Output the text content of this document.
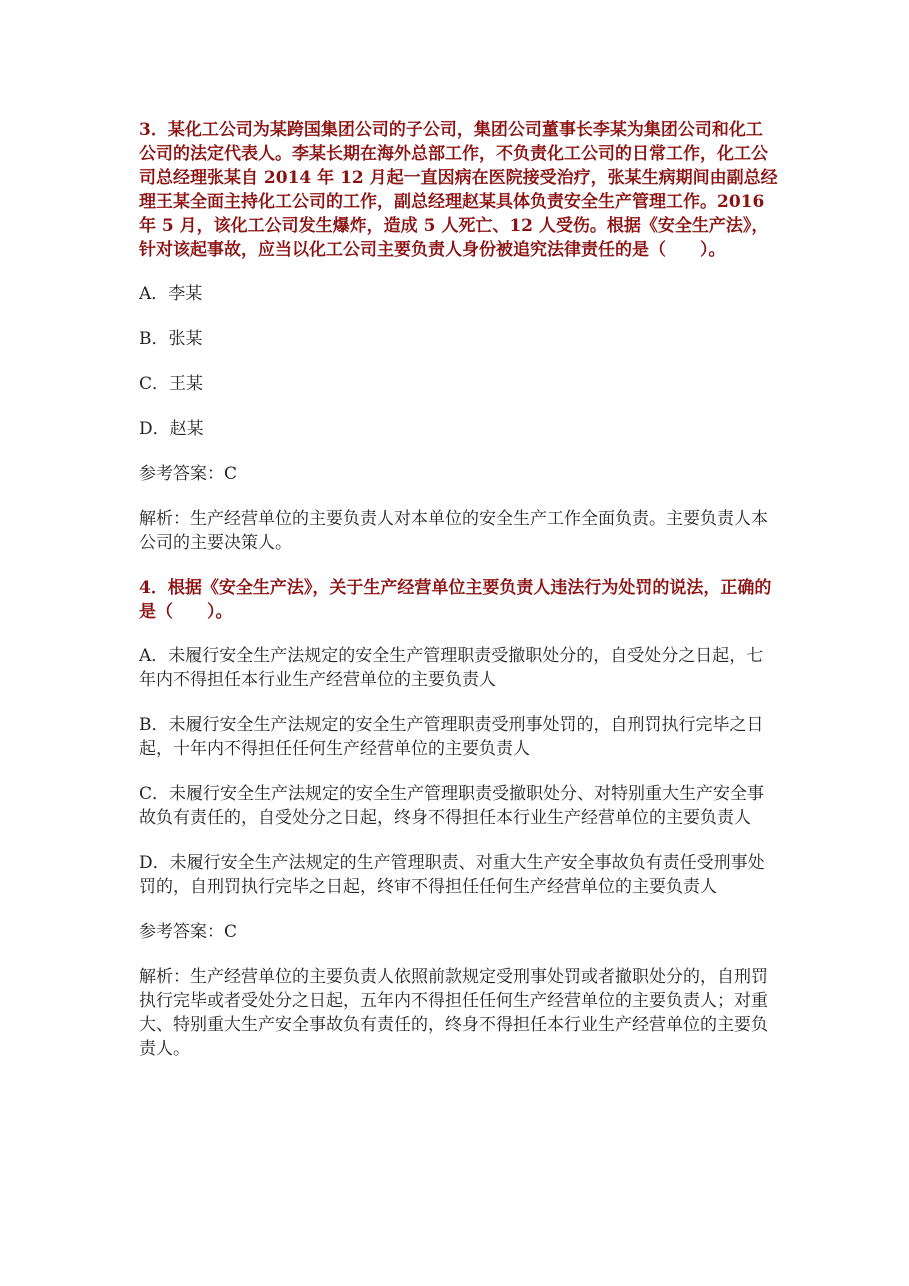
3．某化工公司为某跨国集团公司的子公司，集团公司董事长李某为集团公司和化工公司的法定代表人。李某长期在海外总部工作，不负责化工公司的日常工作，化工公司总经理张某自 2014 年 12 月起一直因病在医院接受治疗，张某生病期间由副总经理王某全面主持化工公司的工作，副总经理赵某具体负责安全生产管理工作。2016 年 5 月，该化工公司发生爆炸，造成 5 人死亡、12 人受伤。根据《安全生产法》，针对该起事故，应当以化工公司主要负责人身份被追究法律责任的是（　　）。

A．李某

B．张某

C．王某

D．赵某

参考答案：C

解析：生产经营单位的主要负责人对本单位的安全生产工作全面负责。主要负责人本公司的主要决策人。

4．根据《安全生产法》，关于生产经营单位主要负责人违法行为处罚的说法，正确的是（　　）。

A．未履行安全生产法规定的安全生产管理职责受撤职处分的，自受处分之日起，七年内不得担任本行业生产经营单位的主要负责人

B．未履行安全生产法规定的安全生产管理职责受刑事处罚的，自刑罚执行完毕之日起，十年内不得担任任何生产经营单位的主要负责人

C．未履行安全生产法规定的安全生产管理职责受撤职处分、对特别重大生产安全事故负有责任的，自受处分之日起，终身不得担任本行业生产经营单位的主要负责人

D．未履行安全生产法规定的生产管理职责、对重大生产安全事故负有责任受刑事处罚的，自刑罚执行完毕之日起，终审不得担任任何生产经营单位的主要负责人

参考答案：C

解析：生产经营单位的主要负责人依照前款规定受刑事处罚或者撤职处分的，自刑罚执行完毕或者受处分之日起，五年内不得担任任何生产经营单位的主要负责人；对重大、特别重大生产安全事故负有责任的，终身不得担任本行业生产经营单位的主要负责人。
